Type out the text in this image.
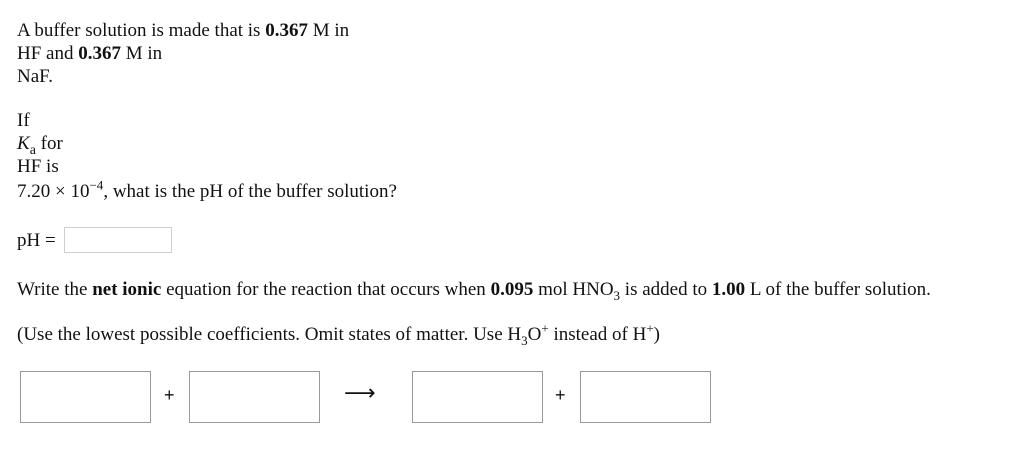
A buffer solution is made that is 0.367 M in
HF and 0.367 M in
NaF.
If
$K_a$ for
HF is
$7.20 \times 10^{-4}$, what is the pH of the buffer solution?
pH =
Write the net ionic equation for the reaction that occurs when 0.095 mol $HNO_3$ is added to 1.00 L of the buffer solution.
(Use the lowest possible coefficients. Omit states of matter. Use $H_3O^+$ instead of H+)
+	⟶	+
